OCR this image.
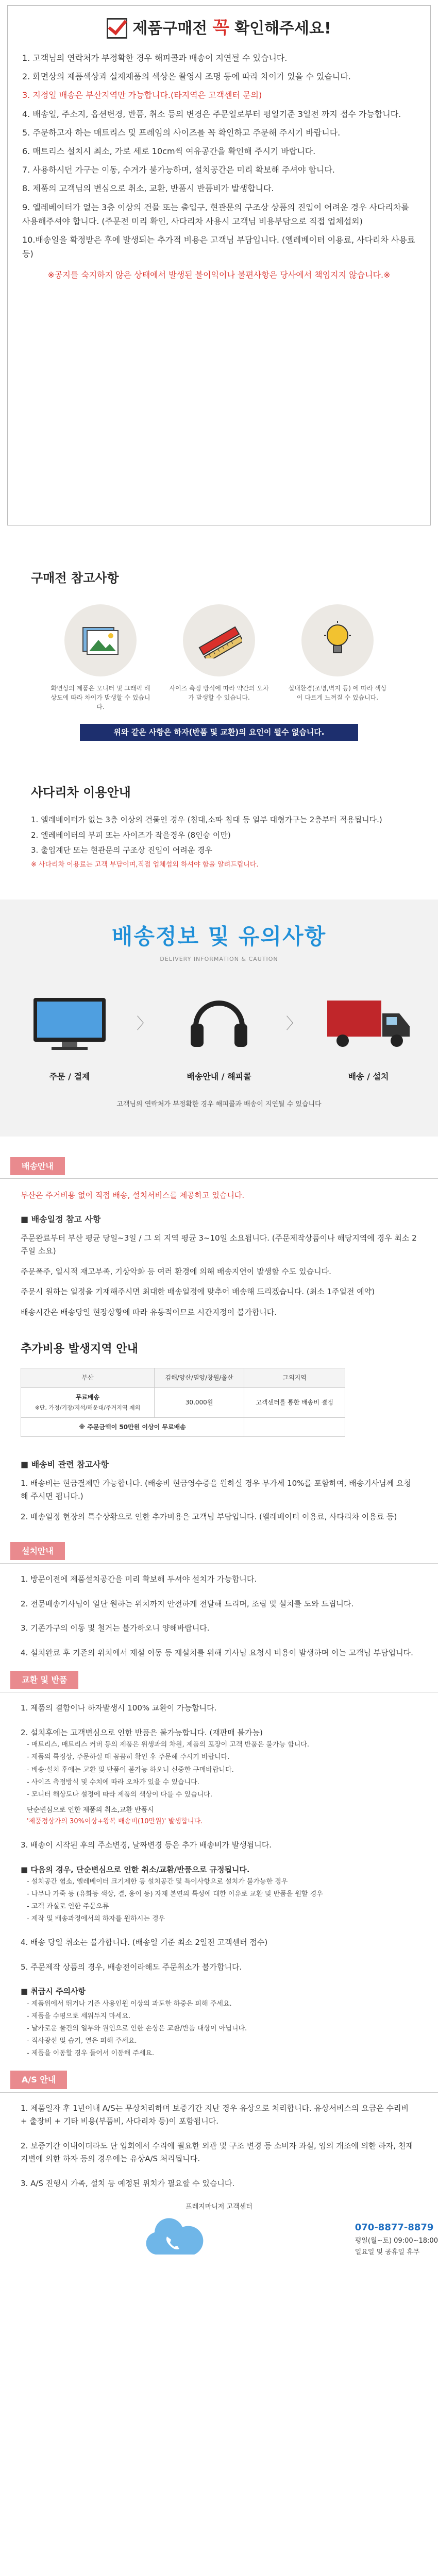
제품구매전 꼭 확인해주세요!
1. 고객님의 연락처가 부정확한 경우 해피콜과 배송이 지연될 수 있습니다.
2. 화면상의 제품색상과 실제제품의 색상은 촬영시 조명 등에 따라 차이가 있을 수 있습니다.
3. 지정일 배송은 부산지역만 가능합니다.(타지역은 고객센터 문의)
4. 배송일, 주소지, 옵션변경, 반품, 취소 등의 변경은 주문일로부터 평일기준 3일전 까지 접수 가능합니다.
5. 주문하고자 하는 매트리스 및 프레임의 사이즈를 꼭 확인하고 주문해 주시기 바랍니다.
6. 매트리스 설치시 최소, 가로 세로 10cm씩 여유공간을 확인해 주시기 바랍니다.
7. 사용하시던 가구는 이동, 수거가 불가능하며, 설치공간은 미리 확보해 주셔야 합니다.
8. 제품의 고객님의 변심으로 취소, 교환, 반품시 반품비가 발생합니다.
9. 엘레베이터가 없는 3층 이상의 건물 또는 출입구, 현관문의 구조상 상품의 진입이 어려운 경우 사다리차를 사용해주셔야 합니다. (주문전 미리 확인, 사다리차 사용시 고객님 비용부담으로 직접 업체섭외)
10.배송일을 확정받은 후에 발생되는 추가적 비용은 고객님 부담입니다. (엘레베이터 이용료, 사다리차 사용료 등)

※공지를 숙지하지 않은 상태에서 발생된 불이익이나 불편사항은 당사에서 책임지지 않습니다.※

구매전 참고사항

화면상의 제품은 모니터 및 그래픽 해상도에 따라 차이가 발생할 수 있습니다.

사이즈 측정 방식에 따라 약간의 오차가 발생할 수 있습니다.

실내환경(조명,벽지 등) 에 따라 색상이 다르게 느껴질 수 있습니다.

위와 같은 사항은 하자(반품 및 교환)의 요인이 될수 없습니다.
사다리차 이용안내
1. 엘레베이터가 없는 3층 이상의 건물인 경우 (침대,소파 침대 등 일부 대형가구는 2층부터 적용됩니다.)
2. 엘레베이터의 부피 또는 사이즈가 작을경우 (8인승 이만)
3. 출입계단 또는 현관문의 구조상 진입이 어려운 경우
※ 사다리차 이용료는 고객 부담이며,직접 업체섭외 하셔야 함을 알려드립니다.
배송정보 및 유의사항
DELIVERY INFORMATION & CAUTION
주문 / 결제
〉
배송안내 / 해피콜
〉
배송 / 설치
고객님의 연락처가 부정확한 경우 해피콜과 배송이 지연될 수 있습니다
배송안내

부산은 주거비용 없이 직접 배송, 설치서비스를 제공하고 있습니다.

■ 배송일정 참고 사항

주문완료부터 부산 평균 당일~3일 / 그 외 지역 평균 3~10일 소요됩니다. (주문제작상품이나 해당지역에 경우 최소 2주일 소요)

주문폭주, 일시적 재고부족, 기상악화 등 여러 환경에 의해 배송지연이 발생할 수도 있습니다.

주문시 원하는 일정을 기재해주시면 최대한 배송일정에 맞추어 배송해 드리겠습니다. (최소 1주일전 예약)

배송시간은 배송당일 현장상황에 따라 유동적이므로 시간지정이 불가합니다.

추가비용 발생지역 안내
부산	김해/양산/밀양/창원/울산	그외지역
무료배송
※단, 가정/기장/지석/해운대/주거지역 제외	30,000원	고객센터를 통한 배송비 결정
※ 주문금액이 50만원 이상이 무료배송		
■ 배송비 관련 참고사항

1. 배송비는 현금결제만 가능합니다. (배송비 현금영수증을 원하실 경우 부가세 10%를 포함하여, 배송기사님께 요청해 주시면 됩니다.)

2. 배송일정 현장의 특수상황으로 인한 추가비용은 고객님 부담입니다. (엘레베이터 이용료, 사다리차 이용료 등)

설치안내
1. 방문이전에 제품설치공간을 미리 확보해 두셔야 설치가 가능합니다.
2. 전문배송기사님이 일단 원하는 위치까지 안전하게 전달해 드리며, 조립 및 설치를 도와 드립니다.
3. 기존가구의 이동 및 철거는 불가하오니 양해바랍니다.
4. 설치완료 후 기존의 위치에서 재설 이동 등 재설치를 위해 기사님 요청시 비용이 발생하며 이는 고객님 부담입니다.
교환 및 반품
1. 제품의 결함이나 하자발생시 100% 교환이 가능합니다.
2. 설치후에는 고객변심으로 인한 반품은 불가능합니다. (재판매 불가능)
- 매트리스, 매트리스 커버 등의 제품은 위생과의 차원, 제품의 포장이 고객 반품은 불가능 합니다.
- 제품의 특징상, 주문하실 때 꼼꼼히 확인 후 주문해 주시기 바랍니다.
- 배송·설치 후에는 교환 및 반품이 불가능 하오니 신중한 구매바랍니다.
- 사이즈 측정방식 및 수치에 따라 오차가 있을 수 있습니다.
- 모니터 해상도나 설정에 따라 제품의 색상이 다를 수 있습니다.
단순변심으로 인한 제품의 취소,교환 반품시
'제품정상가의 30%이상+왕복 배송비(10만원)' 발생합니다.
3. 배송이 시작된 후의 주소변경, 날짜변경 등은 추가 배송비가 발생됩니다.
■ 다음의 경우, 단순변심으로 인한 취소/교환/반품으로 규정됩니다.
- 설치공간 협소, 엘레베이터 크기제한 등 설치공간 및 특이사항으로 설치가 불가능한 경우
- 나무나 가죽 등 (유화등 색상, 결, 옹이 등) 자재 본연의 특성에 대한 이유로 교환 및 반품을 원할 경우
- 고객 과실로 인한 주문오류
- 제작 및 배송과정에서의 하자를 원하시는 경우
4. 배송 당일 취소는 불가합니다. (배송일 기준 최소 2일전 고객센터 접수)
5. 주문제작 상품의 경우, 배송전이라해도 주문취소가 불가합니다.
■ 취급시 주의사항
- 제품위에서 뛰거나 기존 사용인원 이상의 과도한 하중은 피해 주세요.
- 제품을 수평으로 세워두지 마세요.
- 날카로운 물건의 일부와 원인으로 인한 손상은 교환/반품 대상이 아닙니다.
- 직사광선 및 습기, 열은 피해 주세요.
- 제품을 이동할 경우 들어서 이동해 주세요.
A/S 안내
1. 제품일자 후 1년이내 A/S는 무상처리하며 보증기간 지난 경우 유상으로 처리합니다. 유상서비스의 요금은 수리비 + 출장비 + 기타 비용(부품비, 사다리차 등)이 포함됩니다.
2. 보증기간 이내이더라도 단 입회에서 수리에 필요한 외관 및 구조 변경 등 소비자 과실, 임의 개조에 의한 하자, 천재지변에 의한 하자 등의 경우에는 유상A/S 처리됩니다.
3. A/S 진행시 가족, 설치 등 예정된 위치가 필요할 수 있습니다.
프레지마니저 고객센터
070-8877-8879
평일(월~토) 09:00~18:00
일요일 및 공휴일 휴무
